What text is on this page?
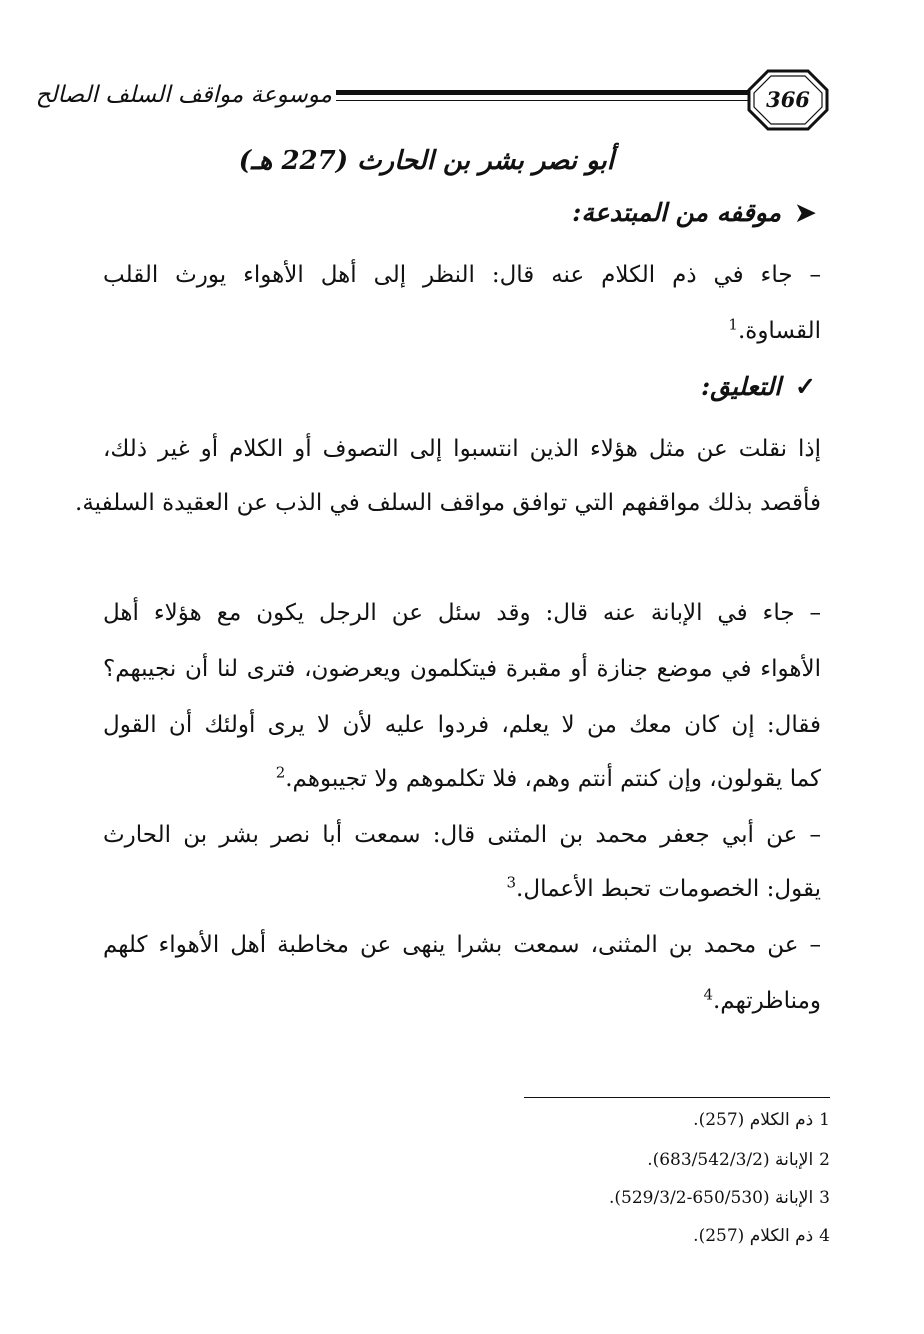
موسوعة مواقف السلف الصالح	366
أبو نصر بشر بن الحارث (227 هـ)
➤موقفه من المبتدعة:
– جاء في ذم الكلام عنه قال: النظر إلى أهل الأهواء يورث القلب
القساوة.$^1$
✓التعليق:
إذا نقلت عن مثل هؤلاء الذين انتسبوا إلى التصوف أو الكلام أو غير ذلك،
فأقصد بذلك مواقفهم التي توافق مواقف السلف في الذب عن العقيدة السلفية.
– جاء في الإبانة عنه قال: وقد سئل عن الرجل يكون مع هؤلاء أهل
الأهواء في موضع جنازة أو مقبرة فيتكلمون ويعرضون، فترى لنا أن نجيبهم؟
فقال: إن كان معك من لا يعلم، فردوا عليه لأن لا يرى أولئك أن القول
كما يقولون، وإن كنتم أنتم وهم، فلا تكلموهم ولا تجيبوهم.$^2$
– عن أبي جعفر محمد بن المثنى قال: سمعت أبا نصر بشر بن الحارث
يقول: الخصومات تحبط الأعمال.$^3$
– عن محمد بن المثنى، سمعت بشرا ينهى عن مخاطبة أهل الأهواء كلهم
ومناظرتهم.$^4$
1ذم الكلام (257).
2الإبانة (683/542/3/2).
3الإبانة (650/530-529/3/2).
4ذم الكلام (257).
